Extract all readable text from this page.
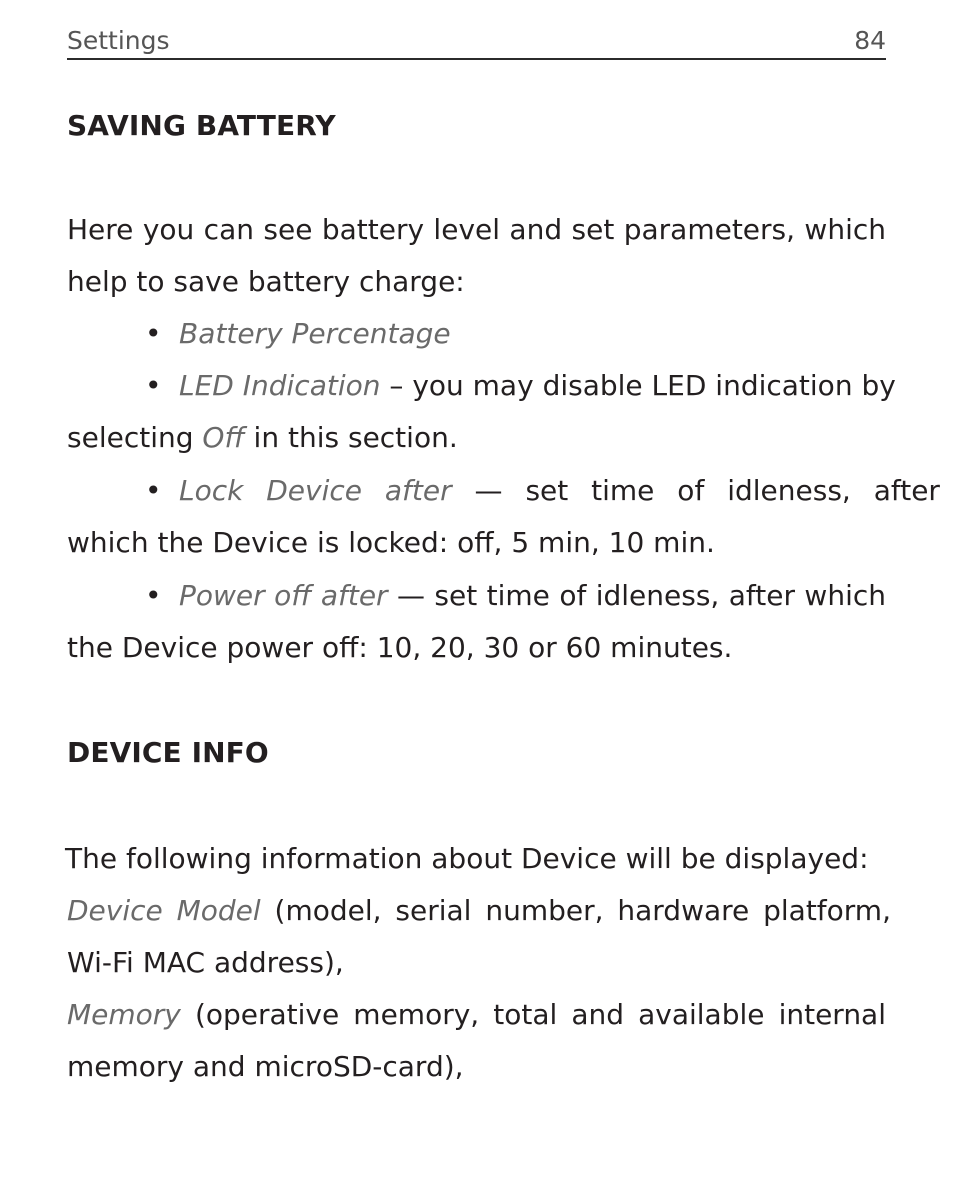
Settings	84
SAVING BATTERY
Here you can see battery level and set parameters, which
help to save battery charge:
• Battery Percentage
• LED Indication – you may disable LED indication by
selecting Off in this section.
• Lock Device after — set time of idleness, after
which the Device is locked: off, 5 min, 10 min.
• Power off after — set time of idleness, after which
the Device power off: 10, 20, 30 or 60 minutes.
DEVICE INFO
The following information about Device will be displayed:
Device Model (model, serial number, hardware platform,
Wi-Fi MAC address),
Memory (operative memory, total and available internal
memory and microSD-card),
